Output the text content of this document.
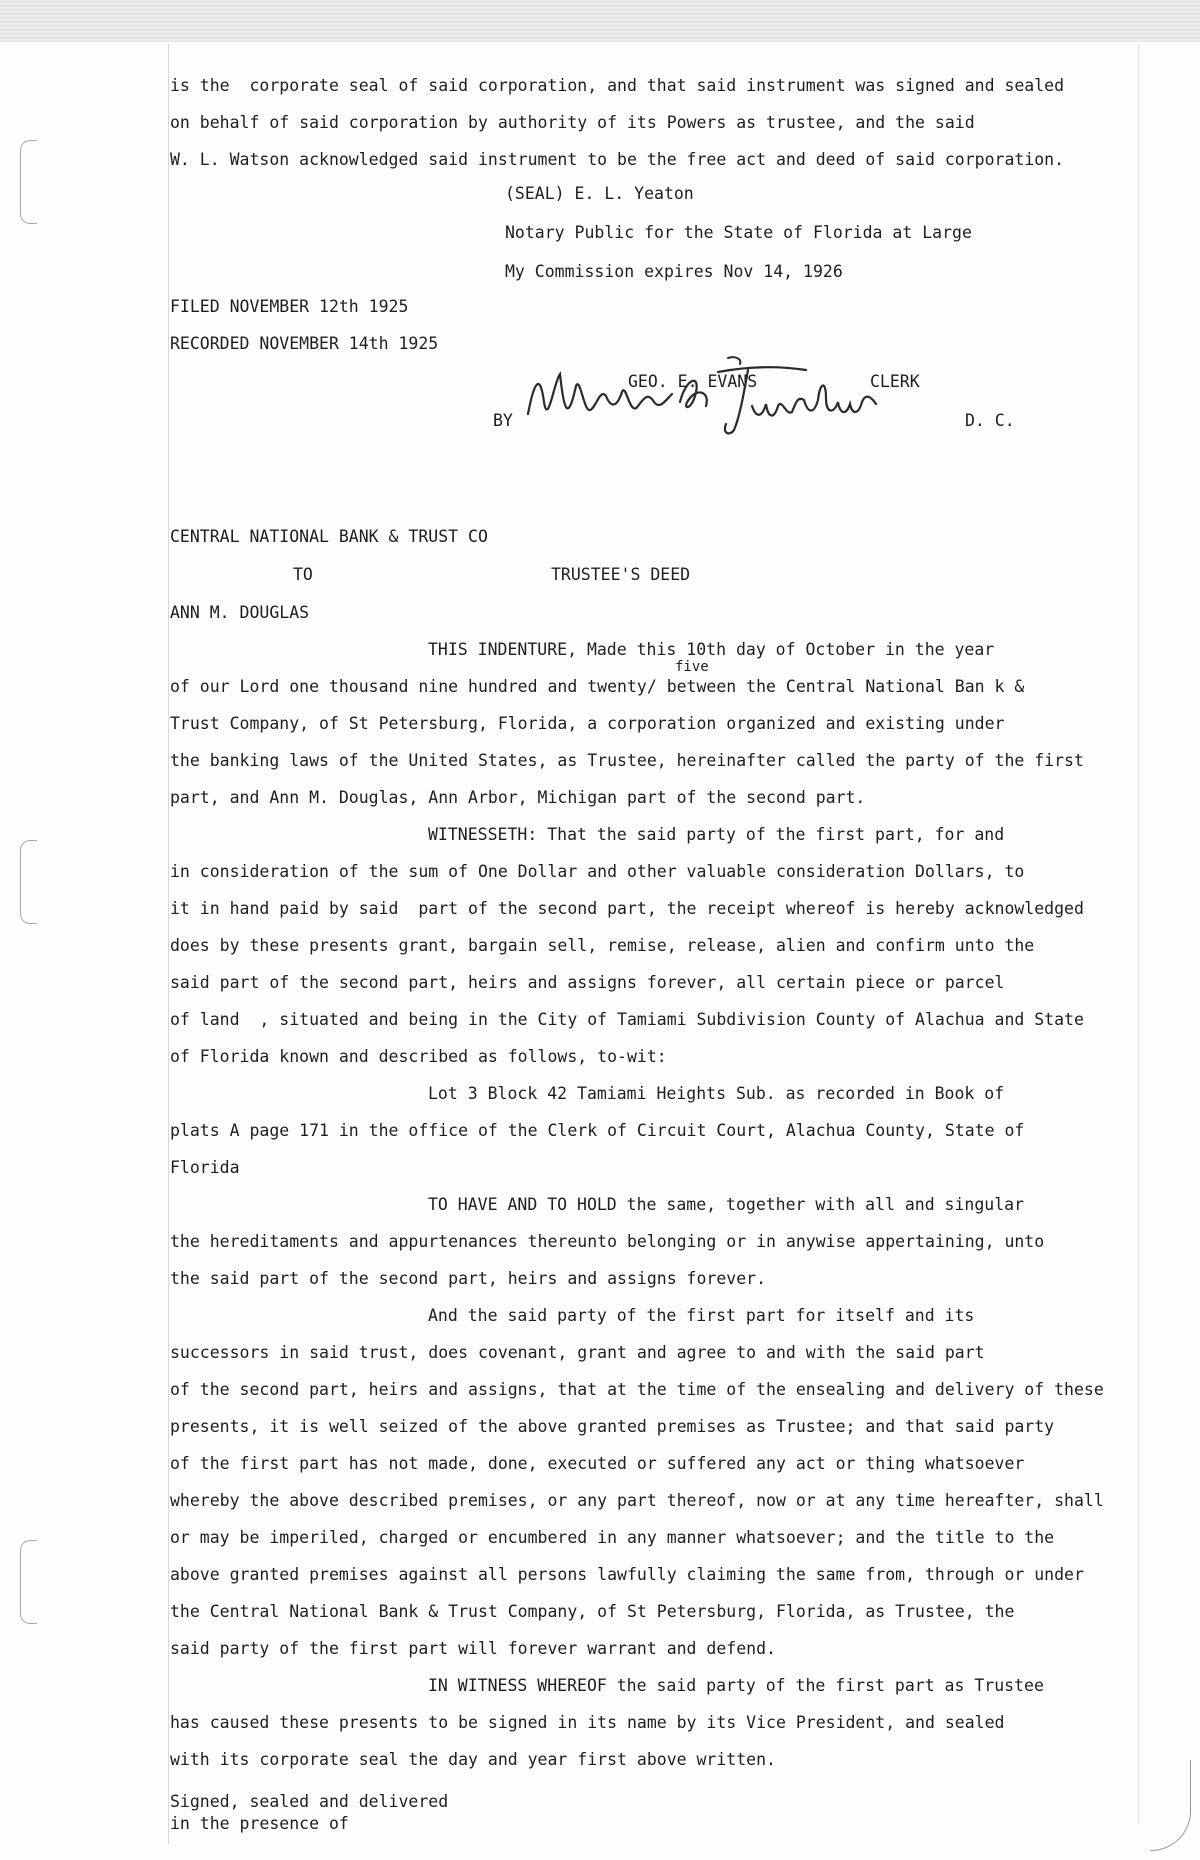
is the  corporate seal of said corporation, and that said instrument was signed and sealed
on behalf of said corporation by authority of its Powers as trustee, and the said
W. L. Watson acknowledged said instrument to be the free act and deed of said corporation.
(SEAL) E. L. Yeaton
Notary Public for the State of Florida at Large
My Commission expires Nov 14, 1926
FILED NOVEMBER 12th 1925
RECORDED NOVEMBER 14th 1925
GEO. E. EVANS	CLERK
BY	D. C.
CENTRAL NATIONAL BANK & TRUST CO
TO	TRUSTEE'S DEED
ANN M. DOUGLAS
THIS INDENTURE, Made this 10th day of October in the year
five
of our Lord one thousand nine hundred and twenty/ between the Central National Ban k &
Trust Company, of St Petersburg, Florida, a corporation organized and existing under
the banking laws of the United States, as Trustee, hereinafter called the party of the first
part, and Ann M. Douglas, Ann Arbor, Michigan part of the second part.
WITNESSETH: That the said party of the first part, for and
in consideration of the sum of One Dollar and other valuable consideration Dollars, to
it in hand paid by said  part of the second part, the receipt whereof is hereby acknowledged
does by these presents grant, bargain sell, remise, release, alien and confirm unto the
said part of the second part, heirs and assigns forever, all certain piece or parcel
of land  , situated and being in the City of Tamiami Subdivision County of Alachua and State
of Florida known and described as follows, to-wit:
Lot 3 Block 42 Tamiami Heights Sub. as recorded in Book of
plats A page 171 in the office of the Clerk of Circuit Court, Alachua County, State of
Florida
TO HAVE AND TO HOLD the same, together with all and singular
the hereditaments and appurtenances thereunto belonging or in anywise appertaining, unto
the said part of the second part, heirs and assigns forever.
And the said party of the first part for itself and its
successors in said trust, does covenant, grant and agree to and with the said part
of the second part, heirs and assigns, that at the time of the ensealing and delivery of these
presents, it is well seized of the above granted premises as Trustee; and that said party
of the first part has not made, done, executed or suffered any act or thing whatsoever
whereby the above described premises, or any part thereof, now or at any time hereafter, shall
or may be imperiled, charged or encumbered in any manner whatsoever; and the title to the
above granted premises against all persons lawfully claiming the same from, through or under
the Central National Bank & Trust Company, of St Petersburg, Florida, as Trustee, the
said party of the first part will forever warrant and defend.
IN WITNESS WHEREOF the said party of the first part as Trustee
has caused these presents to be signed in its name by its Vice President, and sealed
with its corporate seal the day and year first above written.
Signed, sealed and delivered
in the presence of
